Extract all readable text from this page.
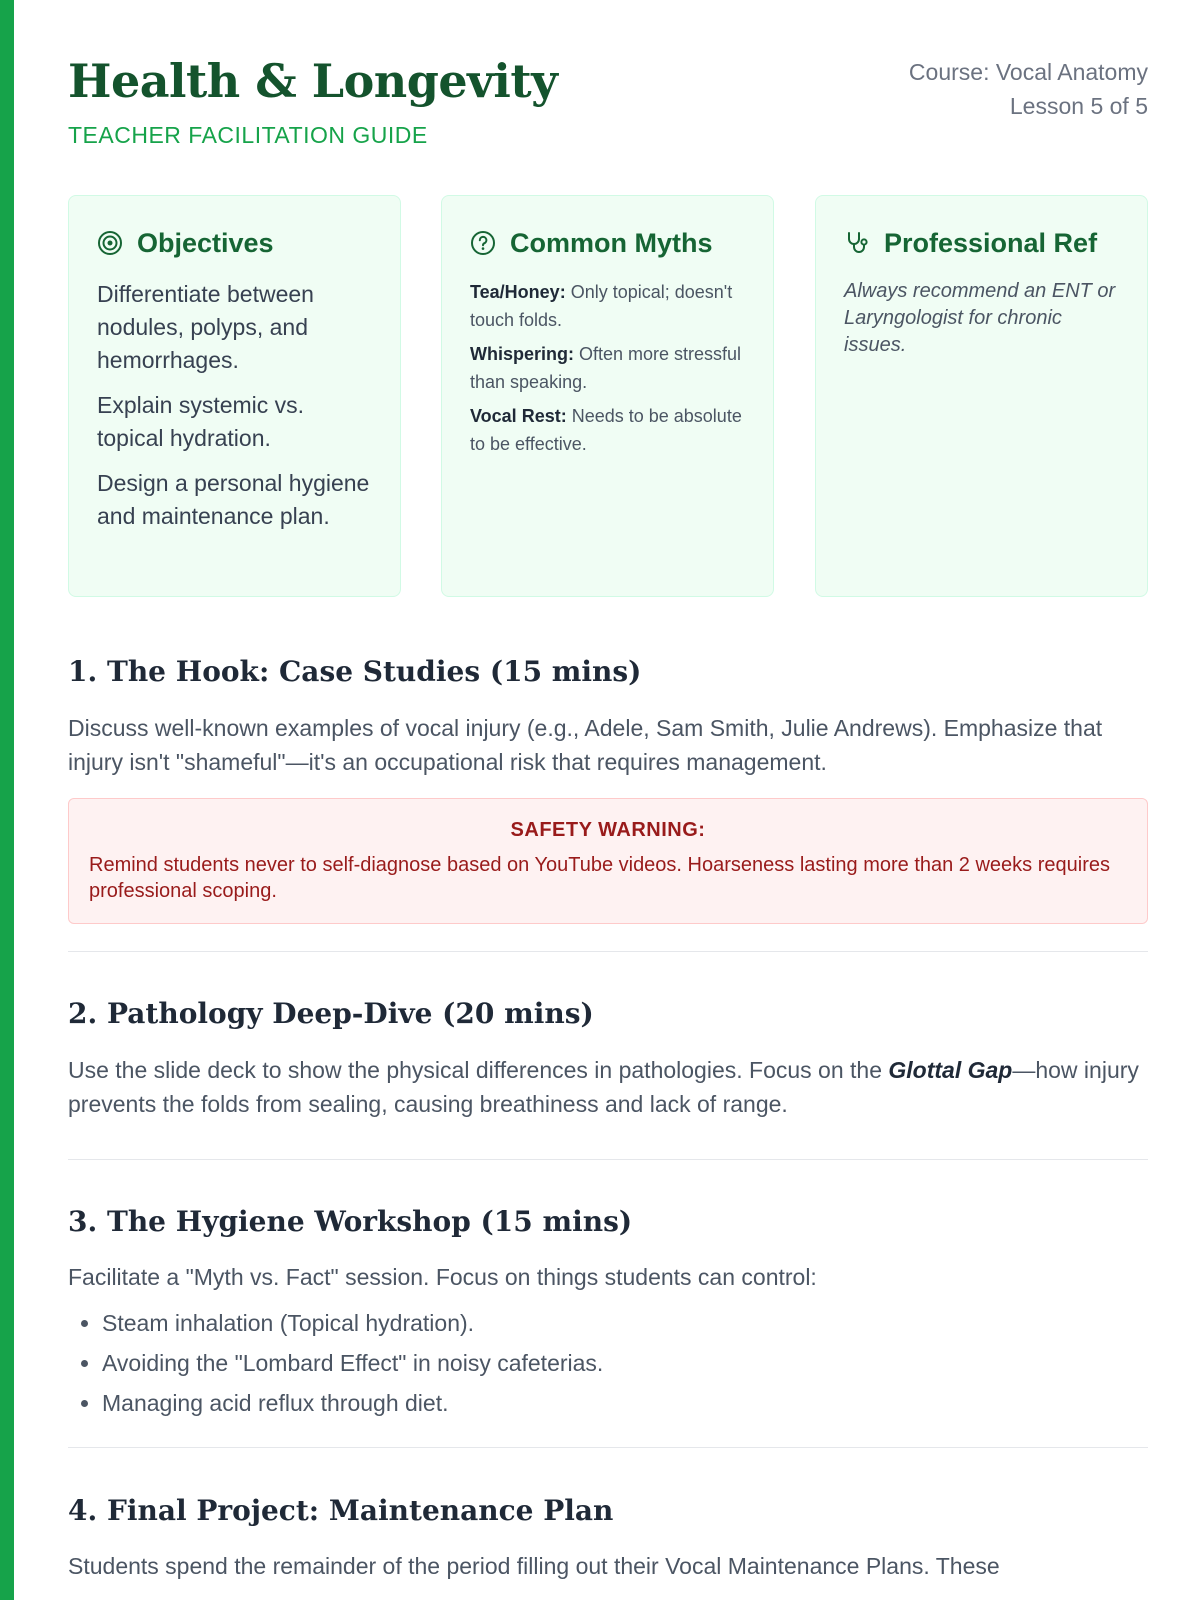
Health & Longevity
TEACHER FACILITATION GUIDE
Course: Vocal Anatomy
Lesson 5 of 5
Objectives
Differentiate between nodules, polyps, and hemorrhages.
Explain systemic vs. topical hydration.
Design a personal hygiene and maintenance plan.
Common Myths
Tea/Honey: Only topical; doesn't touch folds.
Whispering: Often more stressful than speaking.
Vocal Rest: Needs to be absolute to be effective.
Professional Ref
Always recommend an ENT or Laryngologist for chronic issues.
1. The Hook: Case Studies (15 mins)

Discuss well-known examples of vocal injury (e.g., Adele, Sam Smith, Julie Andrews). Emphasize that injury isn't "shameful"—it's an occupational risk that requires management.

SAFETY WARNING:
Remind students never to self-diagnose based on YouTube videos. Hoarseness lasting more than 2 weeks requires professional scoping.
2. Pathology Deep-Dive (20 mins)

Use the slide deck to show the physical differences in pathologies. Focus on the Glottal Gap—how injury prevents the folds from sealing, causing breathiness and lack of range.

3. The Hygiene Workshop (15 mins)

Facilitate a "Myth vs. Fact" session. Focus on things students can control:

• Steam inhalation (Topical hydration).
• Avoiding the "Lombard Effect" in noisy cafeterias.
• Managing acid reflux through diet.
4. Final Project: Maintenance Plan

Students spend the remainder of the period filling out their Vocal Maintenance Plans. These
